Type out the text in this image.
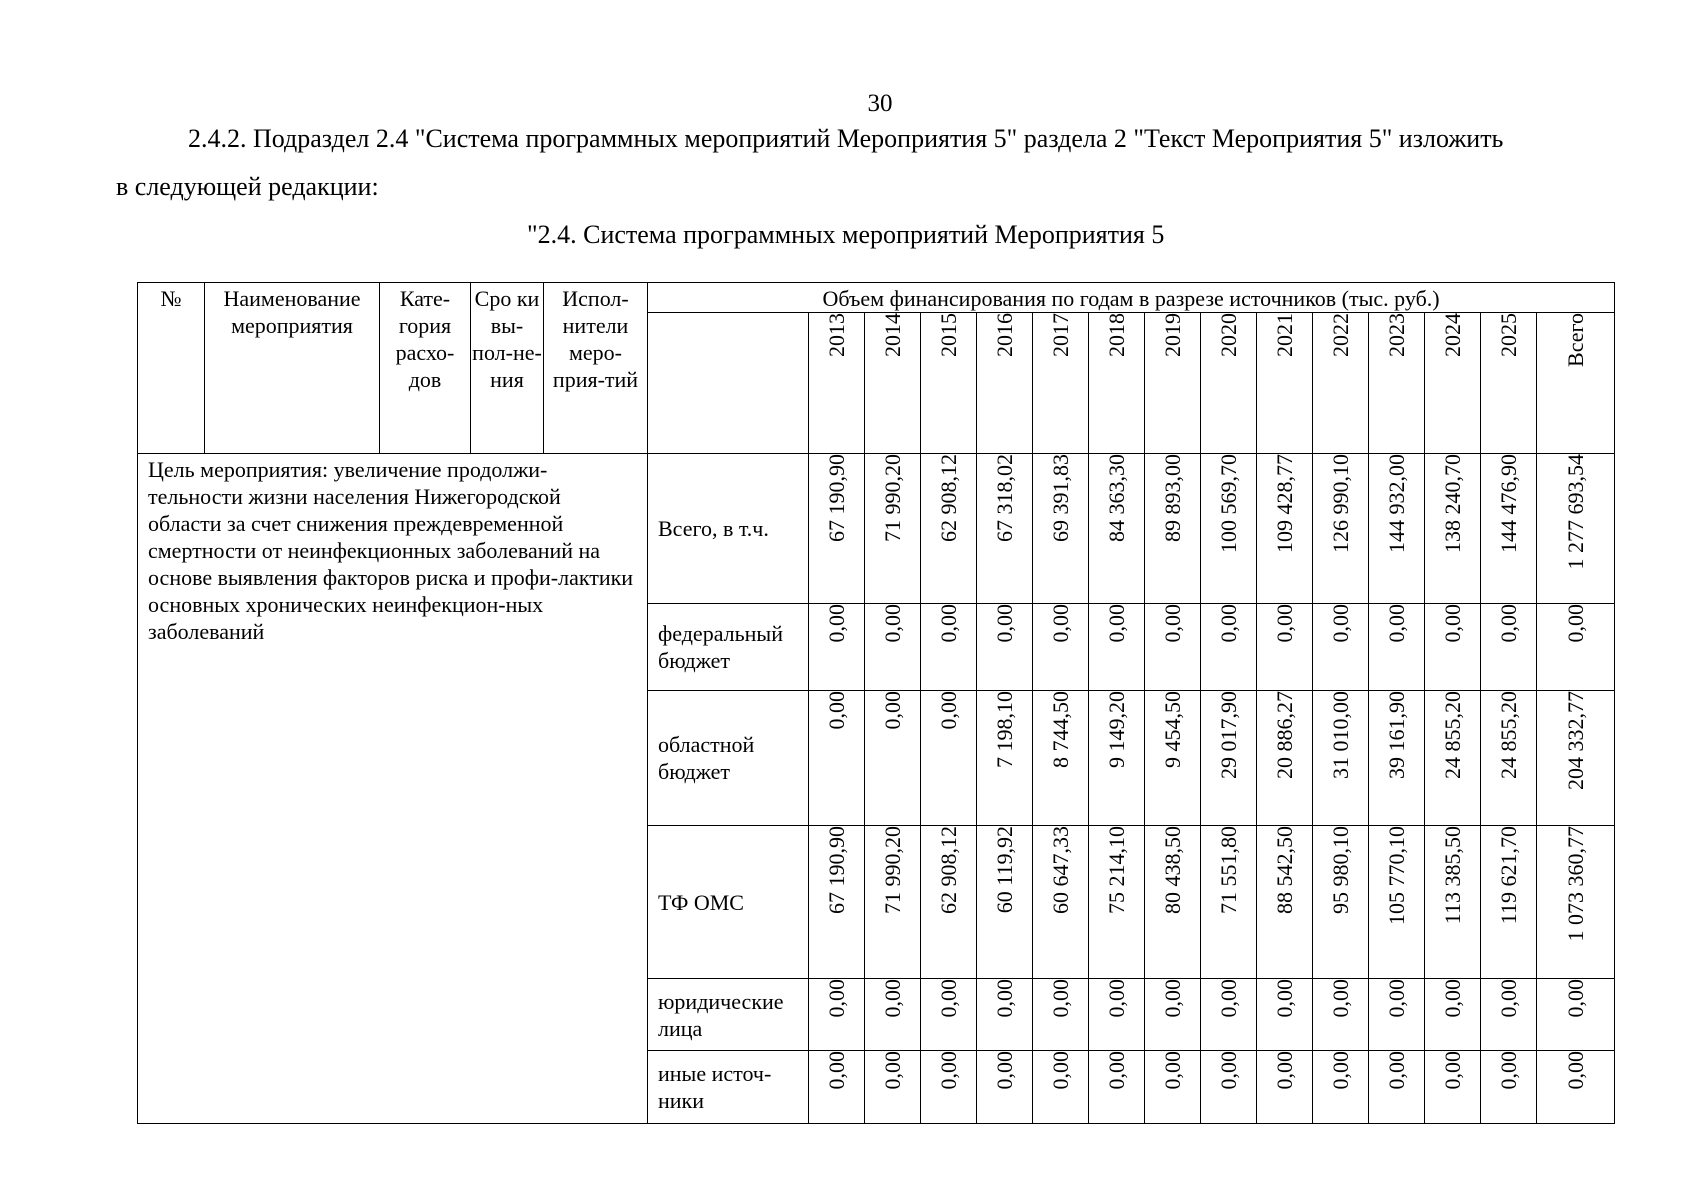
30
2.4.2. Подраздел 2.4 "Система программных мероприятий Мероприятия 5" раздела 2 "Текст Мероприятия 5" изложить
в следующей редакции:
"2.4. Система программных мероприятий Мероприятия 5
№	Наименование мероприятия	Кате-гория расхо-дов	Сро ки вы-пол-не-ния	Испол-нители меро-прия-тий	Объем финансирования по годам в разрезе источников (тыс. руб.)														

						2013	2014	2015	2016	2017	2018	2019	2020	2021	2022	2023	2024	2025	Всего

Цель мероприятия: увеличение продолжи-тельности жизни населения Нижегородской области за счет снижения преждевременной смертности от неинфекционных заболеваний на основе выявления факторов риска и профи-лактики основных хронических неинфекцион-ных заболеваний					Всего, в т.ч.	67 190,90	71 990,20	62 908,12	67 318,02	69 391,83	84 363,30	89 893,00	100 569,70	109 428,77	126 990,10	144 932,00	138 240,70	144 476,90	1 277 693,54

					федеральный бюджет	0,00	0,00	0,00	0,00	0,00	0,00	0,00	0,00	0,00	0,00	0,00	0,00	0,00	0,00

					областной бюджет	0,00	0,00	0,00	7 198,10	8 744,50	9 149,20	9 454,50	29 017,90	20 886,27	31 010,00	39 161,90	24 855,20	24 855,20	204 332,77

					ТФ ОМС	67 190,90	71 990,20	62 908,12	60 119,92	60 647,33	75 214,10	80 438,50	71 551,80	88 542,50	95 980,10	105 770,10	113 385,50	119 621,70	1 073 360,77

					юридические лица	0,00	0,00	0,00	0,00	0,00	0,00	0,00	0,00	0,00	0,00	0,00	0,00	0,00	0,00

					иные источ-ники	0,00	0,00	0,00	0,00	0,00	0,00	0,00	0,00	0,00	0,00	0,00	0,00	0,00	0,00
